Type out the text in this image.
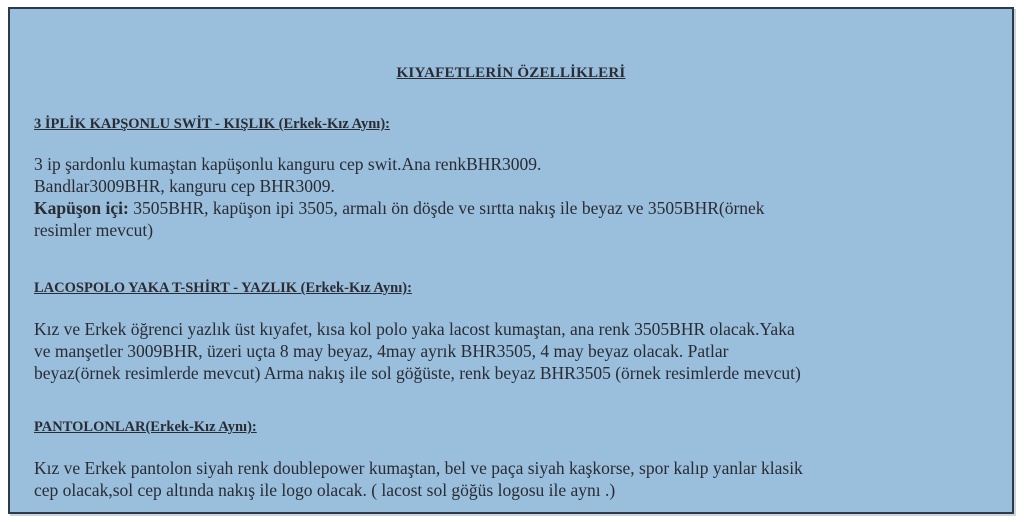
KIYAFETLERİN ÖZELLİKLERİ
3 İPLİK KAPŞONLU SWİT - KIŞLIK (Erkek-Kız Aynı):
3 ip şardonlu kumaştan kapüşonlu kanguru cep swit.Ana renkBHR3009.
Bandlar3009BHR, kanguru cep BHR3009.
Kapüşon içi: 3505BHR, kapüşon ipi 3505, armalı ön döşde ve sırtta nakış ile beyaz ve 3505BHR(örnek
resimler mevcut)
LACOSPOLO YAKA T-SHİRT - YAZLIK (Erkek-Kız Aynı):
Kız ve Erkek öğrenci yazlık üst kıyafet, kısa kol polo yaka lacost kumaştan, ana renk 3505BHR olacak.Yaka
ve manşetler 3009BHR, üzeri uçta 8 may beyaz, 4may ayrık BHR3505, 4 may beyaz olacak. Patlar
beyaz(örnek resimlerde mevcut) Arma nakış ile sol göğüste, renk beyaz BHR3505 (örnek resimlerde mevcut)
PANTOLONLAR(Erkek-Kız Aynı):
Kız ve Erkek pantolon siyah renk doublepower kumaştan, bel ve paça siyah kaşkorse, spor kalıp yanlar klasik
cep olacak,sol cep altında nakış ile logo olacak. ( lacost sol göğüs logosu ile aynı .)
